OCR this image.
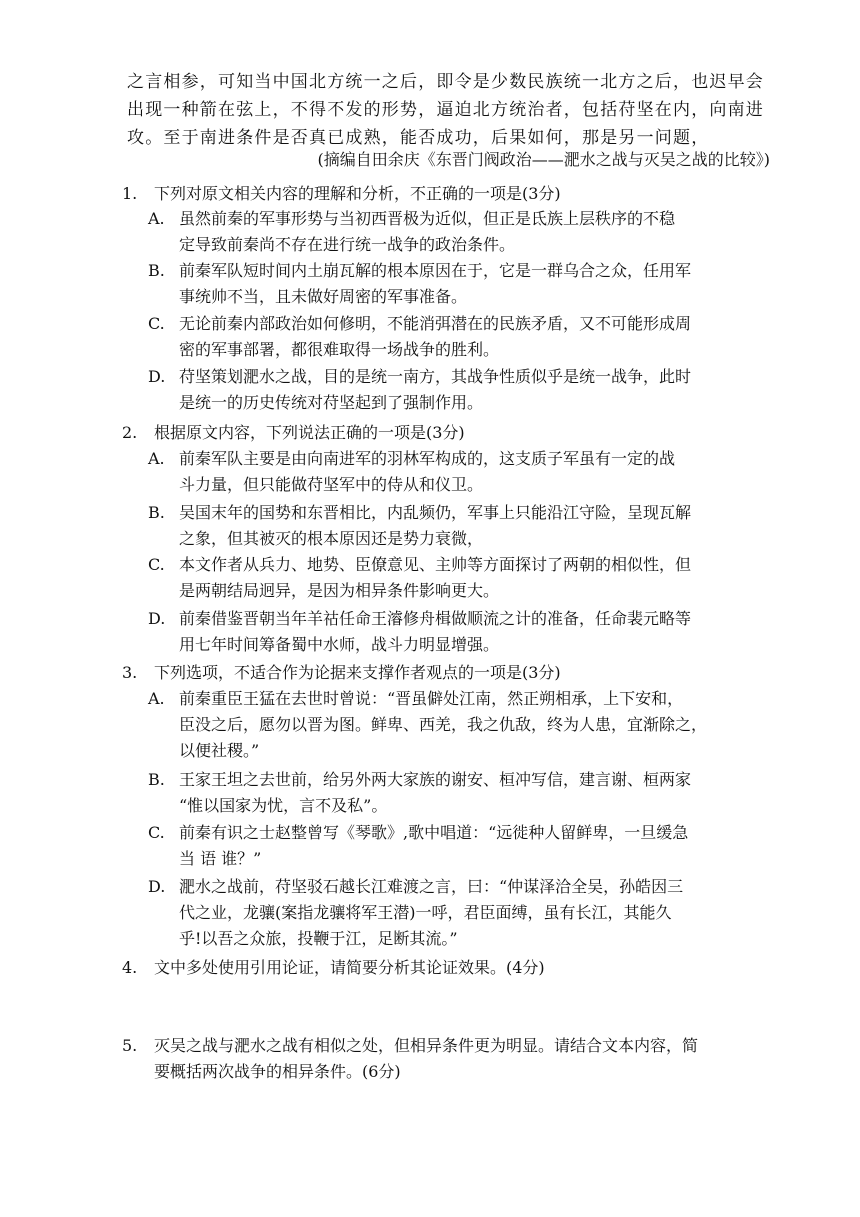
之言相参，可知当中国北方统一之后，即令是少数民族统一北方之后，也迟早会
出现一种箭在弦上，不得不发的形势，逼迫北方统治者，包括苻坚在内，向南进
攻。至于南进条件是否真已成熟，能否成功，后果如何，那是另一问题，
(摘编自田余庆《东晋门阀政治——淝水之战与灭吴之战的比较》)
1. 下列对原文相关内容的理解和分析，不正确的一项是(3分)
A. 虽然前秦的军事形势与当初西晋极为近似，但正是氐族上层秩序的不稳
定导致前秦尚不存在进行统一战争的政治条件。
B. 前秦军队短时间内土崩瓦解的根本原因在于，它是一群乌合之众，任用军
事统帅不当，且未做好周密的军事准备。
C. 无论前秦内部政治如何修明，不能消弭潜在的民族矛盾，又不可能形成周
密的军事部署，都很难取得一场战争的胜利。
D. 苻坚策划淝水之战，目的是统一南方，其战争性质似乎是统一战争，此时
是统一的历史传统对苻坚起到了强制作用。
2. 根据原文内容，下列说法正确的一项是(3分)
A. 前秦军队主要是由向南进军的羽林军构成的，这支质子军虽有一定的战
斗力量，但只能做苻坚军中的侍从和仪卫。
B. 吴国末年的国势和东晋相比，内乱频仍，军事上只能沿江守险，呈现瓦解
之象，但其被灭的根本原因还是势力衰微，
C. 本文作者从兵力、地势、臣僚意见、主帅等方面探讨了两朝的相似性，但
是两朝结局迥异，是因为相异条件影响更大。
D. 前秦借鉴晋朝当年羊祜任命王濬修舟楫做顺流之计的准备，任命裴元略等
用七年时间筹备蜀中水师，战斗力明显增强。
3. 下列选项，不适合作为论据来支撑作者观点的一项是(3分)
A. 前秦重臣王猛在去世时曾说：“晋虽僻处江南，然正朔相承，上下安和，
臣没之后，愿勿以晋为图。鲜卑、西羌，我之仇敌，终为人患，宜渐除之，
以便社稷。”
B. 王家王坦之去世前，给另外两大家族的谢安、桓冲写信，建言谢、桓两家
“惟以国家为忧，言不及私”。
C. 前秦有识之士赵整曾写《琴歌》,歌中唱道：“远徙种人留鲜卑，一旦缓急
当 语 谁？”
D. 淝水之战前，苻坚驳石越长江难渡之言，曰：“仲谋泽洽全吴，孙皓因三
代之业，龙骧(案指龙骧将军王潜)一呼，君臣面缚，虽有长江，其能久
乎!以吾之众旅，投鞭于江，足断其流。”
4. 文中多处使用引用论证，请简要分析其论证效果。(4分)
5. 灭吴之战与淝水之战有相似之处，但相异条件更为明显。请结合文本内容，简
要概括两次战争的相异条件。(6分)
